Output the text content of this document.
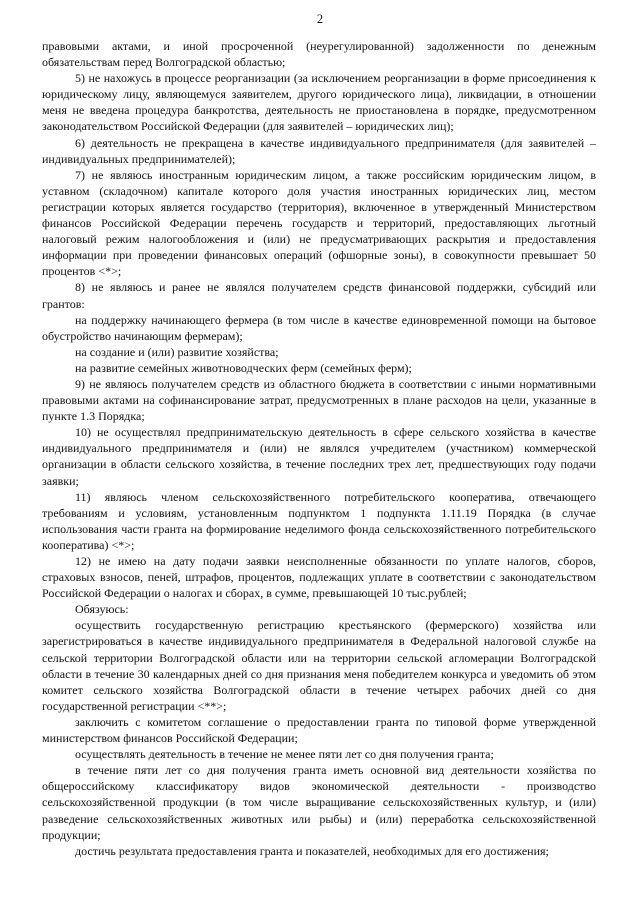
2

правовыми актами, и иной просроченной (неурегулированной) задолженности по денежным обязательствам перед Волгоградской областью;

5) не нахожусь в процессе реорганизации (за исключением реорганизации в форме присоединения к юридическому лицу, являющемуся заявителем, другого юридического лица), ликвидации, в отношении меня не введена процедура банкротства, деятельность не приостановлена в порядке, предусмотренном законодательством Российской Федерации (для заявителей – юридических лиц);

6) деятельность не прекращена в качестве индивидуального предпринимателя (для заявителей – индивидуальных предпринимателей);

7) не являюсь иностранным юридическим лицом, а также российским юридическим лицом, в уставном (складочном) капитале которого доля участия иностранных юридических лиц, местом регистрации которых является государство (территория), включенное в утвержденный Министерством финансов Российской Федерации перечень государств и территорий, предоставляющих льготный налоговый режим налогообложения и (или) не предусматривающих раскрытия и предоставления информации при проведении финансовых операций (офшорные зоны), в совокупности превышает 50 процентов <*>;

8) не являюсь и ранее не являлся получателем средств финансовой поддержки, субсидий или грантов:

на поддержку начинающего фермера (в том числе в качестве единовременной помощи на бытовое обустройство начинающим фермерам);

на создание и (или) развитие хозяйства;

на развитие семейных животноводческих ферм (семейных ферм);

9) не являюсь получателем средств из областного бюджета в соответствии с иными нормативными правовыми актами на софинансирование затрат, предусмотренных в плане расходов на цели, указанные в пункте 1.3 Порядка;

10) не осуществлял предпринимательскую деятельность в сфере сельского хозяйства в качестве индивидуального предпринимателя и (или) не являлся учредителем (участником) коммерческой организации в области сельского хозяйства, в течение последних трех лет, предшествующих году подачи заявки;

11) являюсь членом сельскохозяйственного потребительского кооператива, отвечающего требованиям и условиям, установленным подпунктом 1 подпункта 1.11.19 Порядка (в случае использования части гранта на формирование неделимого фонда сельскохозяйственного потребительского кооператива) <*>;

12) не имею на дату подачи заявки неисполненные обязанности по уплате налогов, сборов, страховых взносов, пеней, штрафов, процентов, подлежащих уплате в соответствии с законодательством Российской Федерации о налогах и сборах, в сумме, превышающей 10 тыс.рублей;

Обязуюсь:

осуществить государственную регистрацию крестьянского (фермерского) хозяйства или зарегистрироваться в качестве индивидуального предпринимателя в Федеральной налоговой службе на сельской территории Волгоградской области или на территории сельской агломерации Волгоградской области в течение 30 календарных дней со дня признания меня победителем конкурса и уведомить об этом комитет сельского хозяйства Волгоградской области в течение четырех рабочих дней со дня государственной регистрации <**>;

заключить с комитетом соглашение о предоставлении гранта по типовой форме утвержденной министерством финансов Российской Федерации;

осуществлять деятельность в течение не менее пяти лет со дня получения гранта;

в течение пяти лет со дня получения гранта иметь основной вид деятельности хозяйства по общероссийскому классификатору видов экономической деятельности - производство сельскохозяйственной продукции (в том числе выращивание сельскохозяйственных культур, и (или) разведение сельскохозяйственных животных или рыбы) и (или) переработка сельскохозяйственной продукции;

достичь результата предоставления гранта и показателей, необходимых для его достижения;
